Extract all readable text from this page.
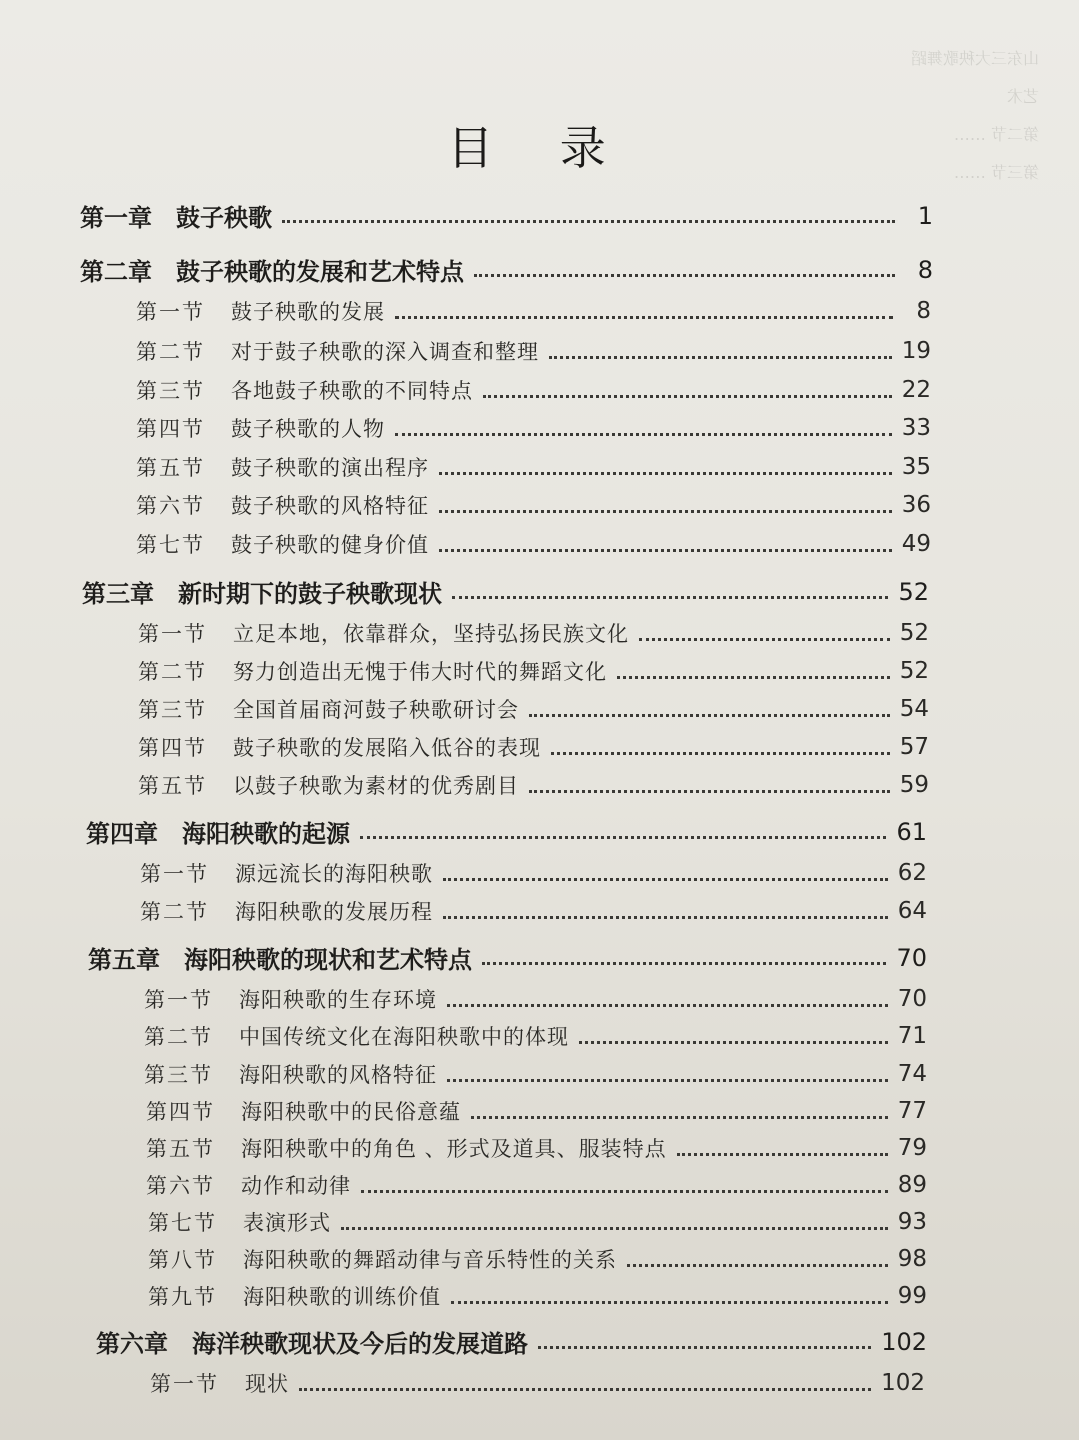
山东三大秧歌舞蹈艺术
第二节 ……
第三节 ……
目 录
第一章 鼓子秧歌	1
第二章 鼓子秧歌的发展和艺术特点	8
第一节 鼓子秧歌的发展	8
第二节 对于鼓子秧歌的深入调查和整理	19
第三节 各地鼓子秧歌的不同特点	22
第四节 鼓子秧歌的人物	33
第五节 鼓子秧歌的演出程序	35
第六节 鼓子秧歌的风格特征	36
第七节 鼓子秧歌的健身价值	49
第三章 新时期下的鼓子秧歌现状	52
第一节 立足本地，依靠群众，坚持弘扬民族文化	52
第二节 努力创造出无愧于伟大时代的舞蹈文化	52
第三节 全国首届商河鼓子秧歌研讨会	54
第四节 鼓子秧歌的发展陷入低谷的表现	57
第五节 以鼓子秧歌为素材的优秀剧目	59
第四章 海阳秧歌的起源	61
第一节 源远流长的海阳秧歌	62
第二节 海阳秧歌的发展历程	64
第五章 海阳秧歌的现状和艺术特点	70
第一节 海阳秧歌的生存环境	70
第二节 中国传统文化在海阳秧歌中的体现	71
第三节 海阳秧歌的风格特征	74
第四节 海阳秧歌中的民俗意蕴	77
第五节 海阳秧歌中的角色 、形式及道具、服装特点	79
第六节 动作和动律	89
第七节 表演形式	93
第八节 海阳秧歌的舞蹈动律与音乐特性的关系	98
第九节 海阳秧歌的训练价值	99
第六章 海洋秧歌现状及今后的发展道路	102
第一节 现状	102
